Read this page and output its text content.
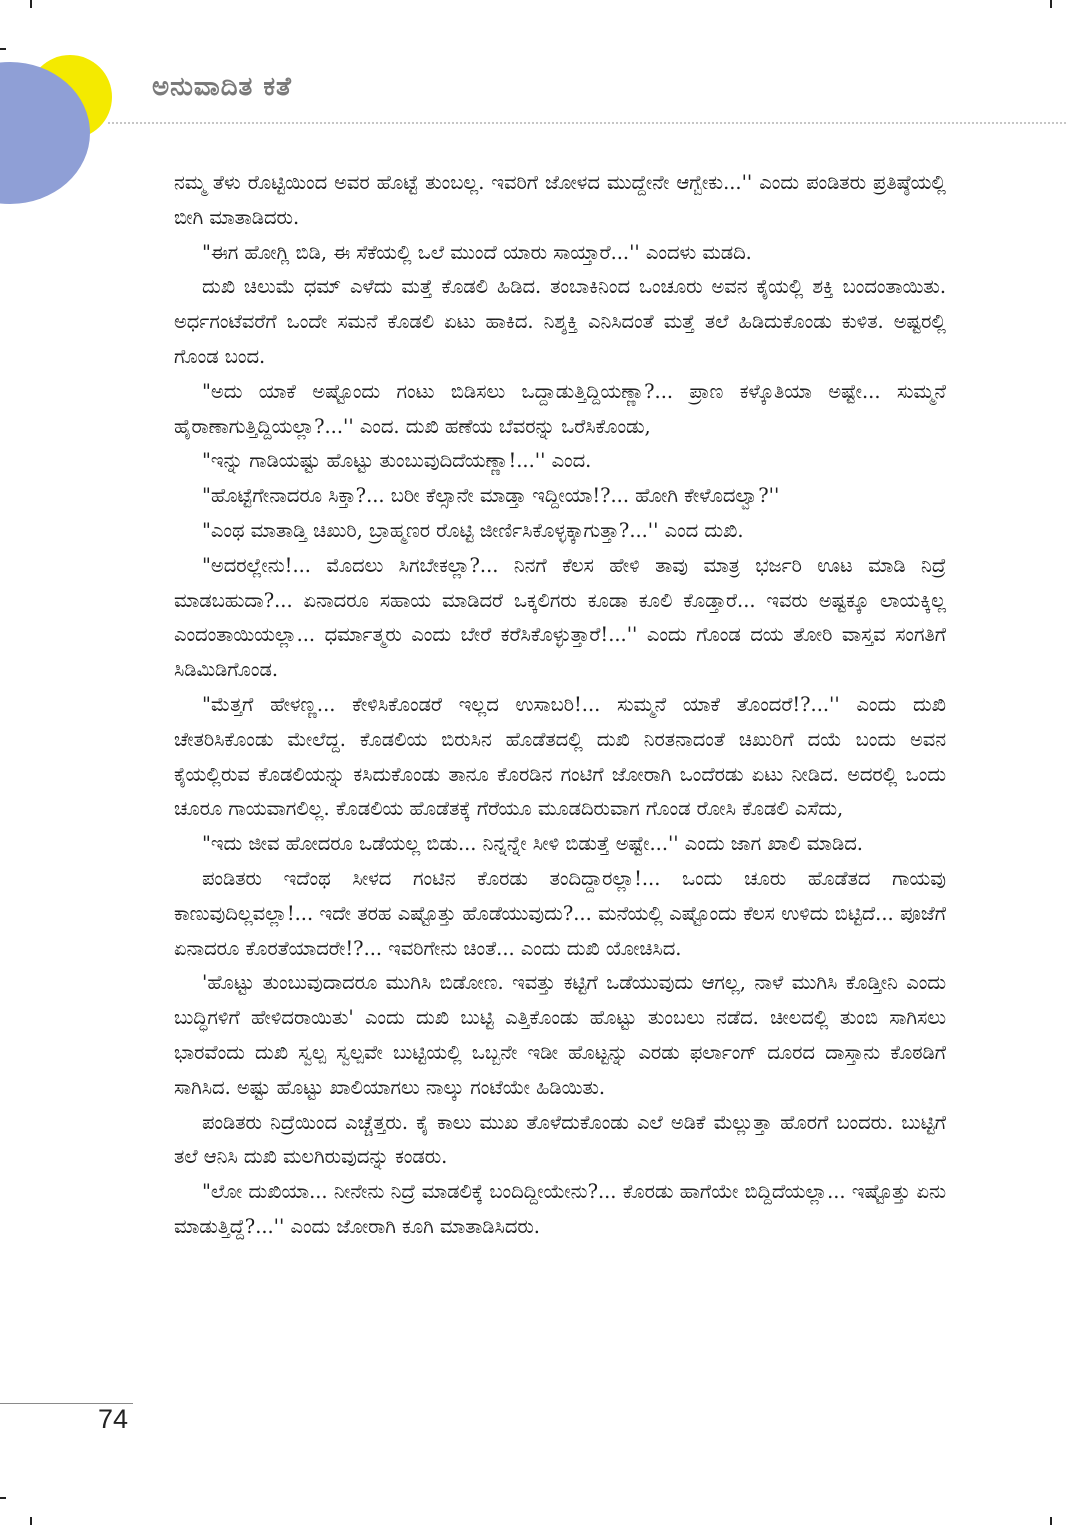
ಅನುವಾದಿತ ಕತೆ

ನಮ್ಮ ತೆಳು ರೊಟ್ಟಿಯಿಂದ ಅವರ ಹೊಟ್ಟೆ ತುಂಬಲ್ಲ. ಇವರಿಗೆ ಜೋಳದ ಮುದ್ದೇನೇ ಆಗ್ಬೇಕು...'' ಎಂದು ಪಂಡಿತರು ಪ್ರತಿಷ್ಠೆಯಲ್ಲಿ ಬೀಗಿ ಮಾತಾಡಿದರು.

"ಈಗ ಹೋಗ್ಲಿ ಬಿಡಿ, ಈ ಸೆಕೆಯಲ್ಲಿ ಒಲೆ ಮುಂದೆ ಯಾರು ಸಾಯ್ತಾರೆ...'' ಎಂದಳು ಮಡದಿ.

ದುಖಿ ಚಿಲುಮೆ ಧಮ್ ಎಳೆದು ಮತ್ತೆ ಕೊಡಲಿ ಹಿಡಿದ. ತಂಬಾಕಿನಿಂದ ಒಂಚೂರು ಅವನ ಕೈಯಲ್ಲಿ ಶಕ್ತಿ ಬಂದಂತಾಯಿತು. ಅರ್ಧಗಂಟೆವರೆಗೆ ಒಂದೇ ಸಮನೆ ಕೊಡಲಿ ಏಟು ಹಾಕಿದ. ನಿಶ್ಶಕ್ತಿ ಎನಿಸಿದಂತೆ ಮತ್ತೆ ತಲೆ ಹಿಡಿದುಕೊಂಡು ಕುಳಿತ. ಅಷ್ಟರಲ್ಲಿ ಗೊಂಡ ಬಂದ.

"ಅದು ಯಾಕೆ ಅಷ್ಟೊಂದು ಗಂಟು ಬಿಡಿಸಲು ಒದ್ದಾಡುತ್ತಿದ್ದಿಯಣ್ಣಾ?... ಪ್ರಾಣ ಕಳ್ಕೊತಿಯಾ ಅಷ್ಟೇ... ಸುಮ್ಮನೆ ಹೈರಾಣಾಗುತ್ತಿದ್ದಿಯಲ್ಲಾ?...'' ಎಂದ. ದುಖಿ ಹಣೆಯ ಬೆವರನ್ನು ಒರೆಸಿಕೊಂಡು,

"ಇನ್ನು ಗಾಡಿಯಷ್ಟು ಹೊಟ್ಟು ತುಂಬುವುದಿದೆಯಣ್ಣಾ!...'' ಎಂದ.

"ಹೊಟ್ಟೆಗೇನಾದರೂ ಸಿಕ್ತಾ?... ಬರೀ ಕೆಲ್ಸಾನೇ ಮಾಡ್ತಾ ಇದ್ದೀಯಾ!?... ಹೋಗಿ ಕೇಳೊದಲ್ವಾ?''

"ಎಂಥ ಮಾತಾಡ್ತಿ ಚಿಖುರಿ, ಬ್ರಾಹ್ಮಣರ ರೊಟ್ಟಿ ಜೀರ್ಣಿಸಿಕೊಳ್ಳಕ್ಕಾಗುತ್ತಾ?...'' ಎಂದ ದುಖಿ.

"ಅದರಲ್ಲೇನು!... ಮೊದಲು ಸಿಗಬೇಕಲ್ಲಾ?... ನಿನಗೆ ಕೆಲಸ ಹೇಳಿ ತಾವು ಮಾತ್ರ ಭರ್ಜರಿ ಊಟ ಮಾಡಿ ನಿದ್ರೆ ಮಾಡಬಹುದಾ?... ಏನಾದರೂ ಸಹಾಯ ಮಾಡಿದರೆ ಒಕ್ಕಲಿಗರು ಕೂಡಾ ಕೂಲಿ ಕೊಡ್ತಾರೆ... ಇವರು ಅಷ್ಟಕ್ಕೂ ಲಾಯಕ್ಕಿಲ್ಲ ಎಂದಂತಾಯಿಯಲ್ಲಾ... ಧರ್ಮಾತ್ಮರು ಎಂದು ಬೇರೆ ಕರೆಸಿಕೊಳ್ಳುತ್ತಾರೆ!...'' ಎಂದು ಗೊಂಡ ದಯ ತೋರಿ ವಾಸ್ತವ ಸಂಗತಿಗೆ ಸಿಡಿಮಿಡಿಗೊಂಡ.

"ಮೆತ್ತಗೆ ಹೇಳಣ್ಣ... ಕೇಳಿಸಿಕೊಂಡರೆ ಇಲ್ಲದ ಉಸಾಬರಿ!... ಸುಮ್ಮನೆ ಯಾಕೆ ತೊಂದರೆ!?...'' ಎಂದು ದುಖಿ ಚೇತರಿಸಿಕೊಂಡು ಮೇಲೆದ್ದ. ಕೊಡಲಿಯ ಬಿರುಸಿನ ಹೊಡೆತದಲ್ಲಿ ದುಖಿ ನಿರತನಾದಂತೆ ಚಿಖುರಿಗೆ ದಯೆ ಬಂದು ಅವನ ಕೈಯಲ್ಲಿರುವ ಕೊಡಲಿಯನ್ನು ಕಸಿದುಕೊಂಡು ತಾನೂ ಕೊರಡಿನ ಗಂಟಿಗೆ ಜೋರಾಗಿ ಒಂದೆರಡು ಏಟು ನೀಡಿದ. ಅದರಲ್ಲಿ ಒಂದು ಚೂರೂ ಗಾಯವಾಗಲಿಲ್ಲ. ಕೊಡಲಿಯ ಹೊಡೆತಕ್ಕೆ ಗೆರೆಯೂ ಮೂಡದಿರುವಾಗ ಗೊಂಡ ರೋಸಿ ಕೊಡಲಿ ಎಸೆದು,

"ಇದು ಜೀವ ಹೋದರೂ ಒಡೆಯಲ್ಲ ಬಿಡು... ನಿನ್ನನ್ನೇ ಸೀಳಿ ಬಿಡುತ್ತೆ ಅಷ್ಟೇ...'' ಎಂದು ಜಾಗ ಖಾಲಿ ಮಾಡಿದ.

ಪಂಡಿತರು ಇದೆಂಥ ಸೀಳದ ಗಂಟಿನ ಕೊರಡು ತಂದಿದ್ದಾರಲ್ಲಾ!... ಒಂದು ಚೂರು ಹೊಡೆತದ ಗಾಯವು ಕಾಣುವುದಿಲ್ಲವಲ್ಲಾ!... ಇದೇ ತರಹ ಎಷ್ಟೊತ್ತು ಹೊಡೆಯುವುದು?... ಮನೆಯಲ್ಲಿ ಎಷ್ಟೊಂದು ಕೆಲಸ ಉಳಿದು ಬಿಟ್ಟಿದೆ... ಪೂಜೆಗೆ ಏನಾದರೂ ಕೊರತೆಯಾದರೇ!?... ಇವರಿಗೇನು ಚಿಂತೆ... ಎಂದು ದುಖಿ ಯೋಚಿಸಿದ.

'ಹೊಟ್ಟು ತುಂಬುವುದಾದರೂ ಮುಗಿಸಿ ಬಿಡೋಣ. ಇವತ್ತು ಕಟ್ಟಿಗೆ ಒಡೆಯುವುದು ಆಗಲ್ಲ, ನಾಳೆ ಮುಗಿಸಿ ಕೊಡ್ತೀನಿ ಎಂದು ಬುದ್ಧಿಗಳಿಗೆ ಹೇಳಿದರಾಯಿತು' ಎಂದು ದುಖಿ ಬುಟ್ಟಿ ಎತ್ತಿಕೊಂಡು ಹೊಟ್ಟು ತುಂಬಲು ನಡೆದ. ಚೀಲದಲ್ಲಿ ತುಂಬಿ ಸಾಗಿಸಲು ಭಾರವೆಂದು ದುಖಿ ಸ್ವಲ್ಪ ಸ್ವಲ್ಪವೇ ಬುಟ್ಟಿಯಲ್ಲಿ ಒಬ್ಬನೇ ಇಡೀ ಹೊಟ್ಟನ್ನು ಎರಡು ಫರ್ಲಾಂಗ್ ದೂರದ ದಾಸ್ತಾನು ಕೊಠಡಿಗೆ ಸಾಗಿಸಿದ. ಅಷ್ಟು ಹೊಟ್ಟು ಖಾಲಿಯಾಗಲು ನಾಲ್ಕು ಗಂಟೆಯೇ ಹಿಡಿಯಿತು.

ಪಂಡಿತರು ನಿದ್ರೆಯಿಂದ ಎಚ್ಚೆತ್ತರು. ಕೈ ಕಾಲು ಮುಖ ತೊಳೆದುಕೊಂಡು ಎಲೆ ಅಡಿಕೆ ಮೆಲ್ಲುತ್ತಾ ಹೊರಗೆ ಬಂದರು. ಬುಟ್ಟಿಗೆ ತಲೆ ಆನಿಸಿ ದುಖಿ ಮಲಗಿರುವುದನ್ನು ಕಂಡರು.

"ಲೋ ದುಖಿಯಾ... ನೀನೇನು ನಿದ್ರೆ ಮಾಡಲಿಕ್ಕೆ ಬಂದಿದ್ದೀಯೇನು?... ಕೊರಡು ಹಾಗೆಯೇ ಬಿದ್ದಿದೆಯಲ್ಲಾ... ಇಷ್ಟೊತ್ತು ಏನು ಮಾಡುತ್ತಿದ್ದೆ?...'' ಎಂದು ಜೋರಾಗಿ ಕೂಗಿ ಮಾತಾಡಿಸಿದರು.

74
